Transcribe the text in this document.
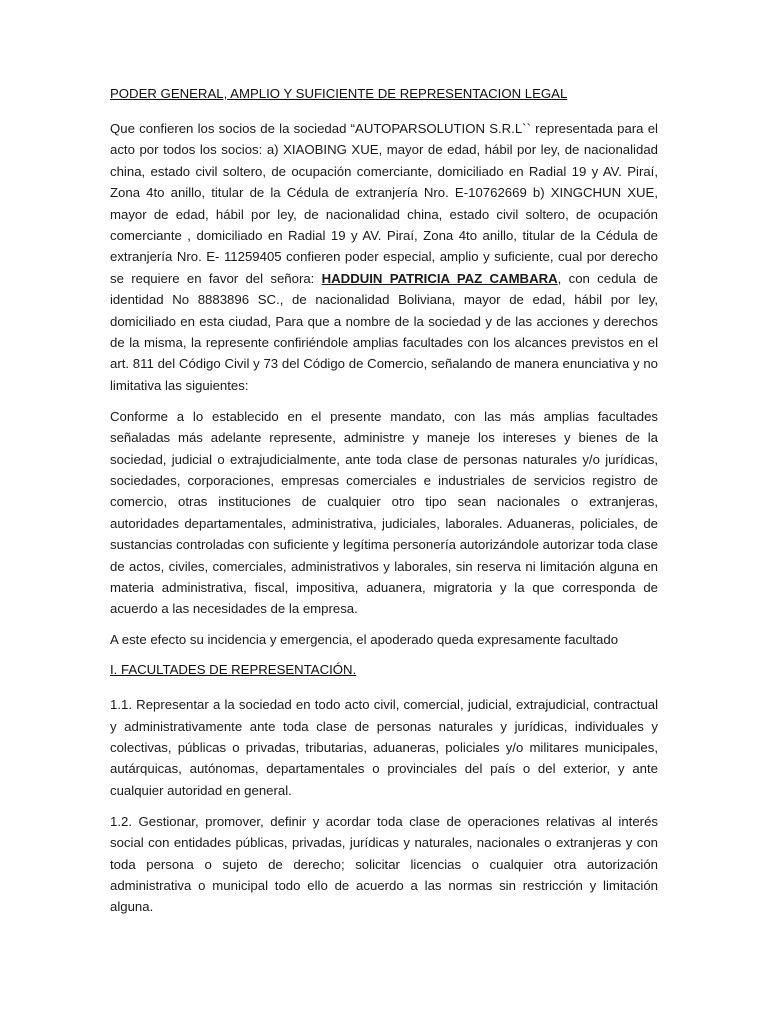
PODER GENERAL, AMPLIO Y SUFICIENTE DE REPRESENTACION LEGAL

Que confieren los socios de la sociedad “AUTOPARSOLUTION S.R.L`` representada para el acto por todos los socios: a) XIAOBING XUE, mayor de edad, hábil por ley, de nacionalidad china, estado civil soltero, de ocupación comerciante, domiciliado en Radial 19 y AV. Piraí, Zona 4to anillo, titular de la Cédula de extranjería Nro. E-10762669 b) XINGCHUN XUE, mayor de edad, hábil por ley, de nacionalidad china, estado civil soltero, de ocupación comerciante , domiciliado en Radial 19 y AV. Piraí, Zona 4to anillo, titular de la Cédula de extranjería Nro. E- 11259405 confieren poder especial, amplio y suficiente, cual por derecho se requiere en favor del señora: HADDUIN PATRICIA PAZ CAMBARA, con cedula de identidad No 8883896 SC., de nacionalidad Boliviana, mayor de edad, hábil por ley, domiciliado en esta ciudad, Para que a nombre de la sociedad y de las acciones y derechos de la misma, la represente confiriéndole amplias facultades con los alcances previstos en el art. 811 del Código Civil y 73 del Código de Comercio, señalando de manera enunciativa y no limitativa las siguientes:

Conforme a lo establecido en el presente mandato, con las más amplias facultades señaladas más adelante represente, administre y maneje los intereses y bienes de la sociedad, judicial o extrajudicialmente, ante toda clase de personas naturales y/o jurídicas, sociedades, corporaciones, empresas comerciales e industriales de servicios registro de comercio, otras instituciones de cualquier otro tipo sean nacionales o extranjeras, autoridades departamentales, administrativa, judiciales, laborales. Aduaneras, policiales, de sustancias controladas con suficiente y legítima personería autorizándole autorizar toda clase de actos, civiles, comerciales, administrativos y laborales, sin reserva ni limitación alguna en materia administrativa, fiscal, impositiva, aduanera, migratoria y la que corresponda de acuerdo a las necesidades de la empresa.

A este efecto su incidencia y emergencia, el apoderado queda expresamente facultado

I. FACULTADES DE REPRESENTACIÓN.

1.1. Representar a la sociedad en todo acto civil, comercial, judicial, extrajudicial, contractual y administrativamente ante toda clase de personas naturales y jurídicas, individuales y colectivas, públicas o privadas, tributarias, aduaneras, policiales y/o militares municipales, autárquicas, autónomas, departamentales o provinciales del país o del exterior, y ante cualquier autoridad en general.

1.2. Gestionar, promover, definir y acordar toda clase de operaciones relativas al interés social con entidades públicas, privadas, jurídicas y naturales, nacionales o extranjeras y con toda persona o sujeto de derecho; solicitar licencias o cualquier otra autorización administrativa o municipal todo ello de acuerdo a las normas sin restricción y limitación alguna.
